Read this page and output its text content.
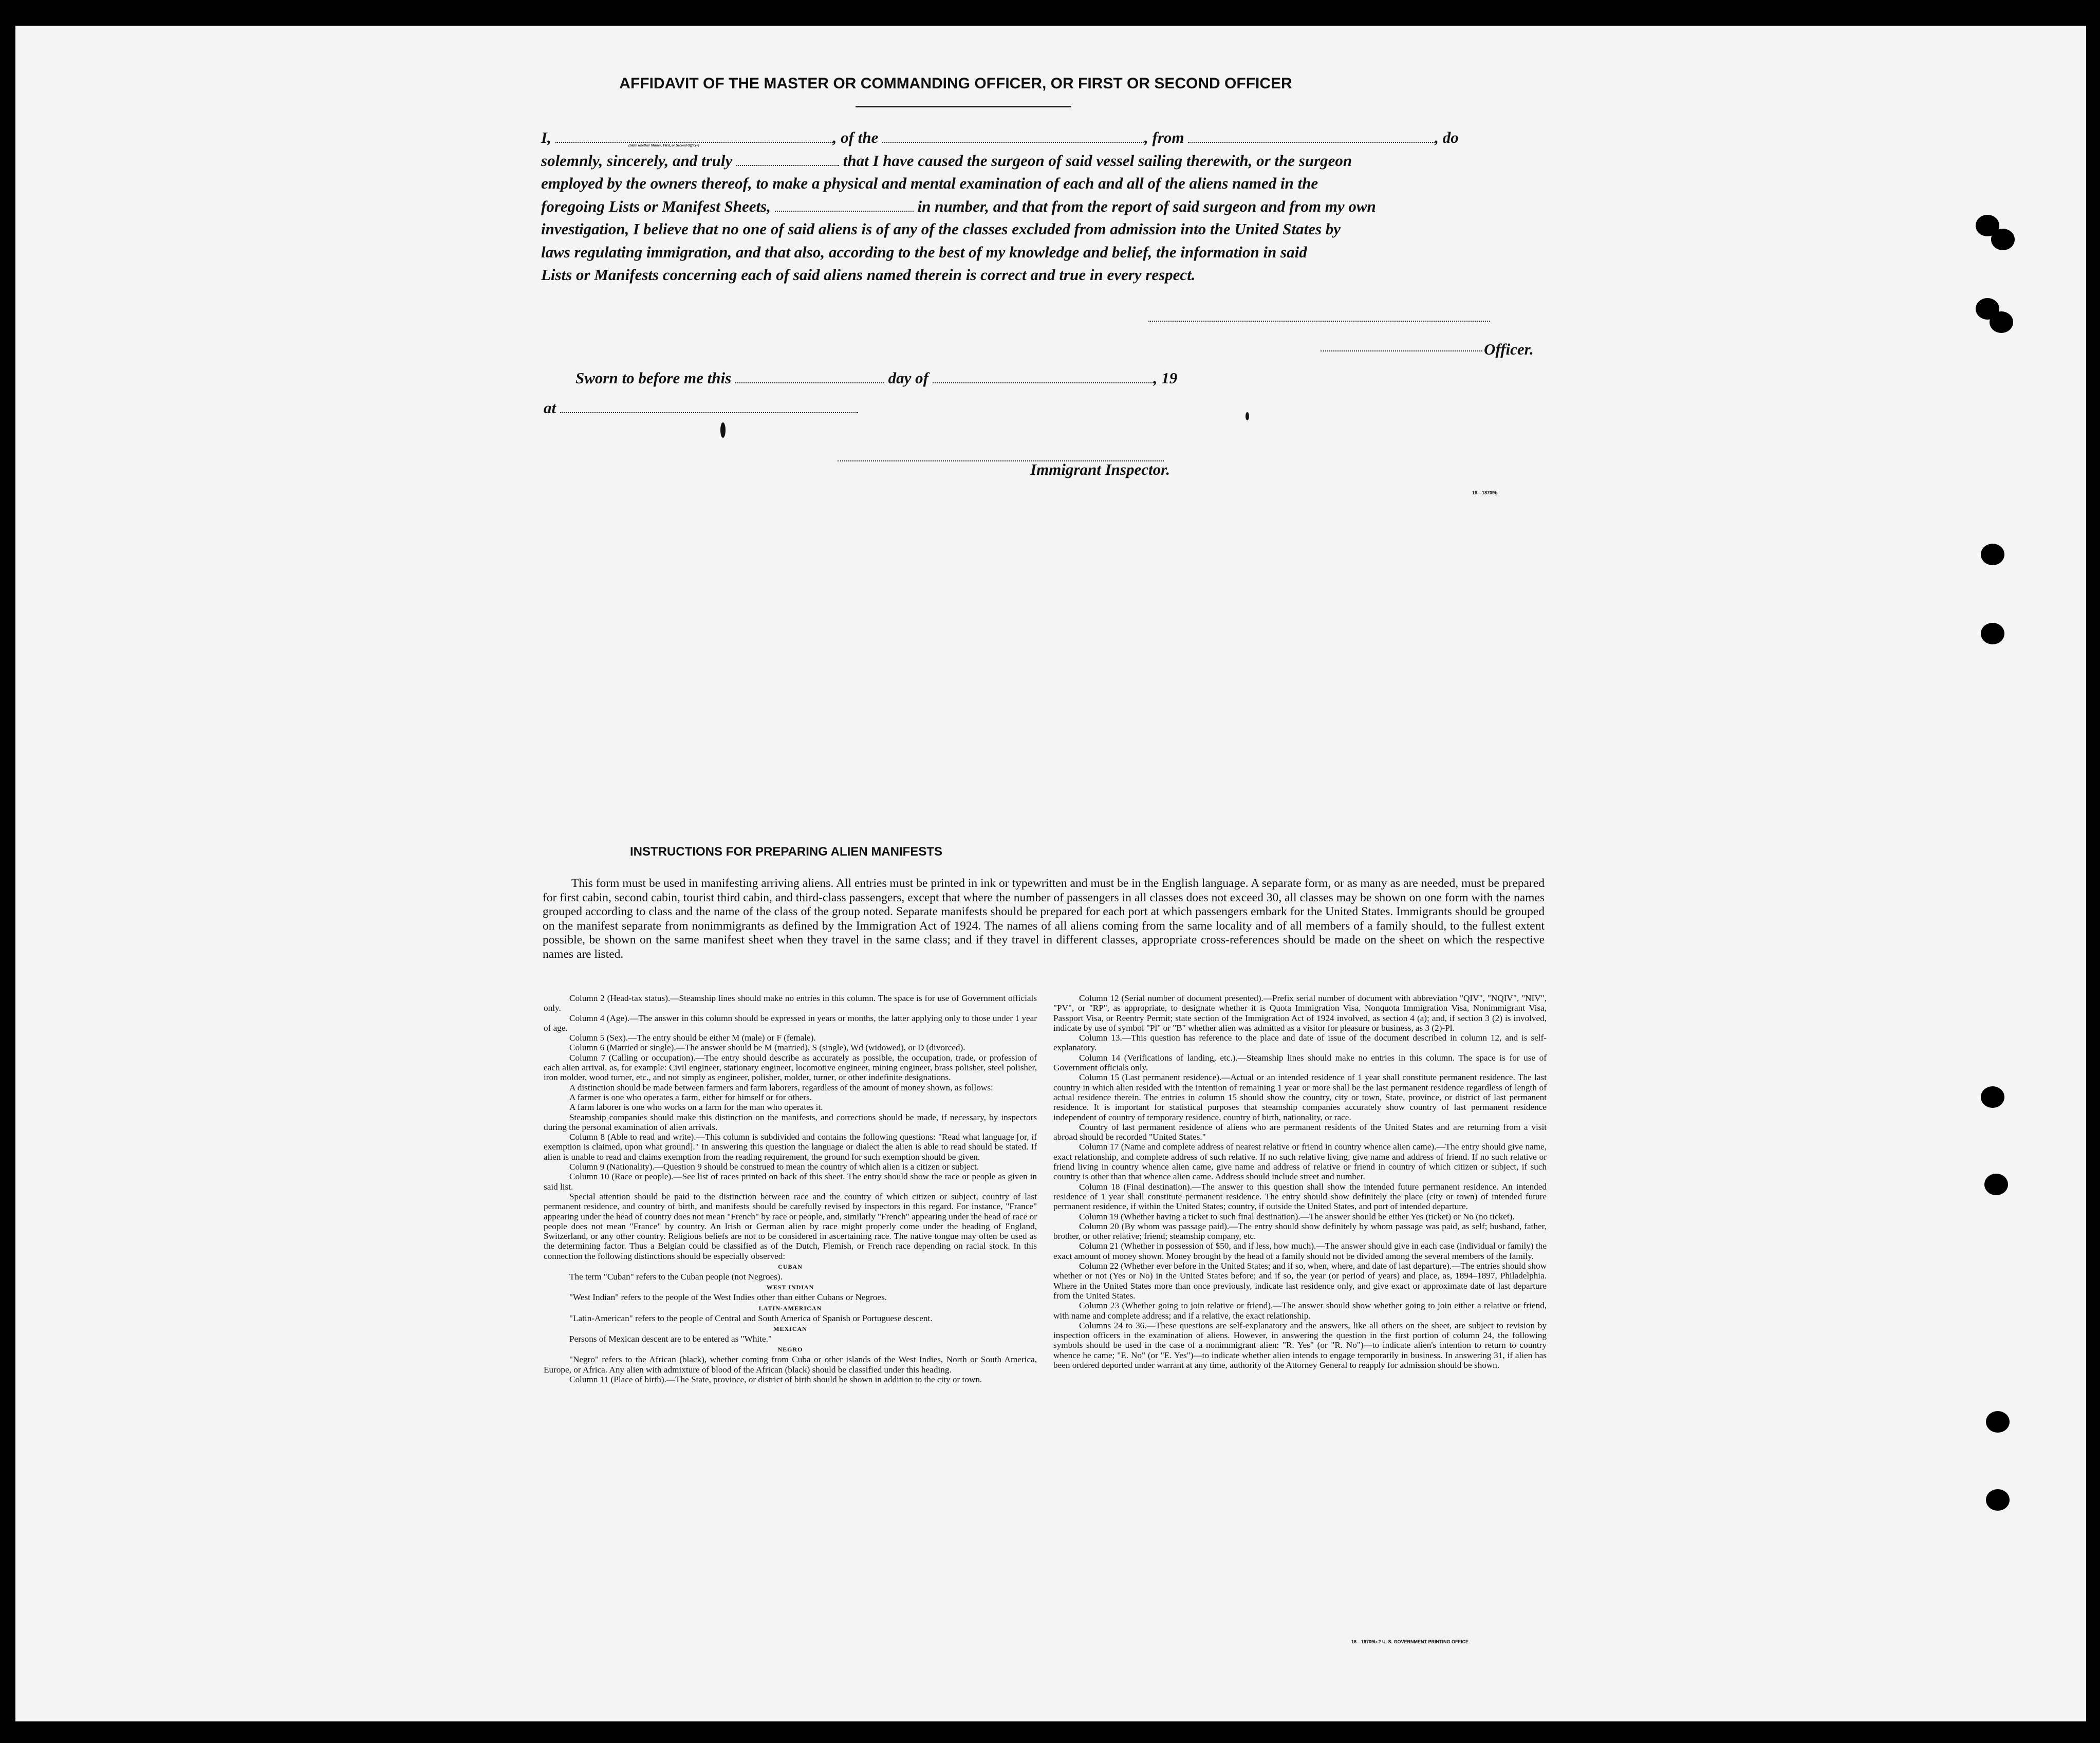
AFFIDAVIT OF THE MASTER OR COMMANDING OFFICER, OR FIRST OR SECOND OFFICER
I,	, of the	, from	, do
(State whether Master, First, or Second Officer)
solemnly, sincerely, and truly	that I have caused the surgeon of said vessel sailing therewith, or the surgeon
employed by the owners thereof, to make a physical and mental examination of each and all of the aliens named in the
foregoing Lists or Manifest Sheets,	in number, and that from the report of said surgeon and from my own
investigation, I believe that no one of said aliens is of any of the classes excluded from admission into the United States by
laws regulating immigration, and that also, according to the best of my knowledge and belief, the information in said
Lists or Manifests concerning each of said aliens named therein is correct and true in every respect.
Officer.
Sworn to before me this	day of	, 19
at
Immigrant Inspector.
16—18709b
INSTRUCTIONS FOR PREPARING ALIEN MANIFESTS

This form must be used in manifesting arriving aliens. All entries must be printed in ink or typewritten and must be in the English language. A separate form, or as many as are needed, must be prepared for first cabin, second cabin, tourist third cabin, and third-class passengers, except that where the number of passengers in all classes does not exceed 30, all classes may be shown on one form with the names grouped according to class and the name of the class of the group noted. Separate manifests should be prepared for each port at which passengers embark for the United States. Immigrants should be grouped on the manifest separate from nonimmigrants as defined by the Immigration Act of 1924. The names of all aliens coming from the same locality and of all members of a family should, to the fullest extent possible, be shown on the same manifest sheet when they travel in the same class; and if they travel in different classes, appropriate cross-references should be made on the sheet on which the respective names are listed.

Column 2 (Head-tax status).—Steamship lines should make no entries in this column. The space is for use of Government officials only.

Column 4 (Age).—The answer in this column should be expressed in years or months, the latter applying only to those under 1 year of age.

Column 5 (Sex).—The entry should be either M (male) or F (female).

Column 6 (Married or single).—The answer should be M (married), S (single), Wd (widowed), or D (divorced).

Column 7 (Calling or occupation).—The entry should describe as accurately as possible, the occupation, trade, or profession of each alien arrival, as, for example: Civil engineer, stationary engineer, locomotive engineer, mining engineer, brass polisher, steel polisher, iron molder, wood turner, etc., and not simply as engineer, polisher, molder, turner, or other indefinite designations.

A distinction should be made between farmers and farm laborers, regardless of the amount of money shown, as follows:

A farmer is one who operates a farm, either for himself or for others.

A farm laborer is one who works on a farm for the man who operates it.

Steamship companies should make this distinction on the manifests, and corrections should be made, if necessary, by inspectors during the personal examination of alien arrivals.

Column 8 (Able to read and write).—This column is subdivided and contains the following questions: "Read what language [or, if exemption is claimed, upon what ground]." In answering this question the language or dialect the alien is able to read should be stated. If alien is unable to read and claims exemption from the reading requirement, the ground for such exemption should be given.

Column 9 (Nationality).—Question 9 should be construed to mean the country of which alien is a citizen or subject.

Column 10 (Race or people).—See list of races printed on back of this sheet. The entry should show the race or people as given in said list.

Special attention should be paid to the distinction between race and the country of which citizen or subject, country of last permanent residence, and country of birth, and manifests should be carefully revised by inspectors in this regard. For instance, "France" appearing under the head of country does not mean "French" by race or people, and, similarly "French" appearing under the head of race or people does not mean "France" by country. An Irish or German alien by race might properly come under the heading of England, Switzerland, or any other country. Religious beliefs are not to be considered in ascertaining race. The native tongue may often be used as the determining factor. Thus a Belgian could be classified as of the Dutch, Flemish, or French race depending on racial stock. In this connection the following distinctions should be especially observed:

CUBAN

The term "Cuban" refers to the Cuban people (not Negroes).

WEST INDIAN

"West Indian" refers to the people of the West Indies other than either Cubans or Negroes.

LATIN-AMERICAN

"Latin-American" refers to the people of Central and South America of Spanish or Portuguese descent.

MEXICAN

Persons of Mexican descent are to be entered as "White."

NEGRO

"Negro" refers to the African (black), whether coming from Cuba or other islands of the West Indies, North or South America, Europe, or Africa. Any alien with admixture of blood of the African (black) should be classified under this heading.

Column 11 (Place of birth).—The State, province, or district of birth should be shown in addition to the city or town.

Column 12 (Serial number of document presented).—Prefix serial number of document with abbreviation "QIV", "NQIV", "NIV", "PV", or "RP", as appropriate, to designate whether it is Quota Immigration Visa, Nonquota Immigration Visa, Nonimmigrant Visa, Passport Visa, or Reentry Permit; state section of the Immigration Act of 1924 involved, as section 4 (a); and, if section 3 (2) is involved, indicate by use of symbol "Pl" or "B" whether alien was admitted as a visitor for pleasure or business, as 3 (2)-Pl.

Column 13.—This question has reference to the place and date of issue of the document described in column 12, and is self-explanatory.

Column 14 (Verifications of landing, etc.).—Steamship lines should make no entries in this column. The space is for use of Government officials only.

Column 15 (Last permanent residence).—Actual or an intended residence of 1 year shall constitute permanent residence. The last country in which alien resided with the intention of remaining 1 year or more shall be the last permanent residence regardless of length of actual residence therein. The entries in column 15 should show the country, city or town, State, province, or district of last permanent residence. It is important for statistical purposes that steamship companies accurately show country of last permanent residence independent of country of temporary residence, country of birth, nationality, or race.

Country of last permanent residence of aliens who are permanent residents of the United States and are returning from a visit abroad should be recorded "United States."

Column 17 (Name and complete address of nearest relative or friend in country whence alien came).—The entry should give name, exact relationship, and complete address of such relative. If no such relative living, give name and address of friend. If no such relative or friend living in country whence alien came, give name and address of relative or friend in country of which citizen or subject, if such country is other than that whence alien came. Address should include street and number.

Column 18 (Final destination).—The answer to this question shall show the intended future permanent residence. An intended residence of 1 year shall constitute permanent residence. The entry should show definitely the place (city or town) of intended future permanent residence, if within the United States; country, if outside the United States, and port of intended departure.

Column 19 (Whether having a ticket to such final destination).—The answer should be either Yes (ticket) or No (no ticket).

Column 20 (By whom was passage paid).—The entry should show definitely by whom passage was paid, as self; husband, father, brother, or other relative; friend; steamship company, etc.

Column 21 (Whether in possession of $50, and if less, how much).—The answer should give in each case (individual or family) the exact amount of money shown. Money brought by the head of a family should not be divided among the several members of the family.

Column 22 (Whether ever before in the United States; and if so, when, where, and date of last departure).—The entries should show whether or not (Yes or No) in the United States before; and if so, the year (or period of years) and place, as, 1894–1897, Philadelphia. Where in the United States more than once previously, indicate last residence only, and give exact or approximate date of last departure from the United States.

Column 23 (Whether going to join relative or friend).—The answer should show whether going to join either a relative or friend, with name and complete address; and if a relative, the exact relationship.

Columns 24 to 36.—These questions are self-explanatory and the answers, like all others on the sheet, are subject to revision by inspection officers in the examination of aliens. However, in answering the question in the first portion of column 24, the following symbols should be used in the case of a nonimmigrant alien: "R. Yes" (or "R. No")—to indicate alien's intention to return to country whence he came; "E. No" (or "E. Yes")—to indicate whether alien intends to engage temporarily in business. In answering 31, if alien has been ordered deported under warrant at any time, authority of the Attorney General to reapply for admission should be shown.

16—18709b-2 U. S. GOVERNMENT PRINTING OFFICE
